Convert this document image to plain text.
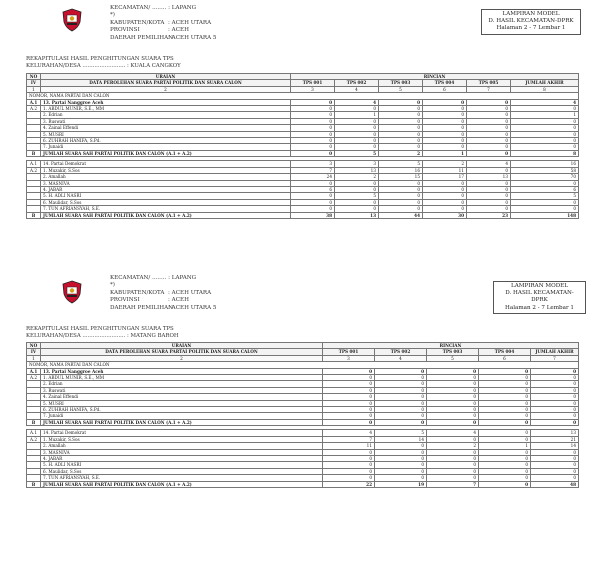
KECAMATAN/ ........ : LAPANG
*)
KABUPATEN/KOTA : ACEH UTARA
PROVINSI	: ACEH
DAERAH PEMILIHAN: ACEH UTARA 5
LAMPIRAN MODEL
D. HASIL KECAMATAN-DPRK
Halaman 2 - 7 Lembar 1
REKAPITULASI HASIL PENGHITUNGAN SUARA TPS
KELURAHAN/DESA ......................... : KUALA CANGKOY
NO	URAIAN	RINCIAN					
IV	DATA PEROLEHAN SUARA PARTAI POLITIK DAN SUARA CALON	TPS 001	TPS 002	TPS 003	TPS 004	TPS 005	JUMLAH AKHIR
1	2	3	4	5	6	7	8
NOMOR, NAMA PARTAI DAN CALON							
A.1	13. Partai Nanggroe Aceh	0	4	0	0	0	4
A.2	1. ABDUL MUNIR, S.E., MM	0	0	0	0	0	0
	2. Edrian	0	1	0	0	0	1
	3. Ruswati	0	0	0	0	0	0
	4. Zainal Effendi	0	0	0	0	0	0
	5. MUSRI	0	0	0	0	0	0
	6. ZUHRAH HANIFA, S.Pd.	0	0	0	0	0	0
	7. Junaidi	0	0	0	0	0	0
B	JUMLAH SUARA SAH PARTAI POLITIK DAN CALON (A.1 + A.2)	0	5	2	1	0	8

A.1	14. Partai Demokrat	3	3	5	2	4	16
A.2	1. Muzakir, S.Sos	7	13	16	11	0	58
	2. Amallah	24	2	15	17	13	70
	3. MASNIVA	0	0	0	0	0	0
	4. JABAR	6	0	0	0	0	6
	5. H. ADLI NASRI	0	5	0	0	0	5
	6. Maulidar, S.Sos	0	0	0	0	0	0
	7. TUN AFRIANSYAH, S.E.	0	0	0	0	0	0
B	JUMLAH SUARA SAH PARTAI POLITIK DAN CALON (A.1 + A.2)	38	13	44	30	23	148
KECAMATAN/ ........ : LAPANG
*)
KABUPATEN/KOTA : ACEH UTARA
PROVINSI	: ACEH
DAERAH PEMILIHAN: ACEH UTARA 5
LAMPIRAN MODEL
D. HASIL KECAMATAN-DPRK
Halaman 2 - 7 Lembar 1
REKAPITULASI HASIL PENGHITUNGAN SUARA TPS
KELURAHAN/DESA ......................... : MATANG BAROH
NO	URAIAN	RINCIAN				
IV	DATA PEROLEHAN SUARA PARTAI POLITIK DAN SUARA CALON	TPS 001	TPS 002	TPS 003	TPS 004	JUMLAH AKHIR
1	2	3	4	5	6	7
NOMOR, NAMA PARTAI DAN CALON						
A.1	13. Partai Nanggroe Aceh	0	0	0	0	0
A.2	1. ABDUL MUNIR, S.E., MM	0	0	0	0	0
	2. Edrian	0	0	0	0	0
	3. Ruswati	0	0	0	0	0
	4. Zainal Effendi	0	0	0	0	0
	5. MUSRI	0	0	0	0	0
	6. ZUHRAH HANIFA, S.Pd.	0	0	0	0	0
	7. Junaidi	0	0	0	0	0
B	JUMLAH SUARA SAH PARTAI POLITIK DAN CALON (A.1 + A.2)	0	0	0	0	0

A.1	14. Partai Demokrat	4	5	4	0	13
A.2	1. Muzakir, S.Sos	7	14	0	0	21
	2. Amallah	11	0	2	1	14
	3. MASNIVA	0	0	0	0	0
	4. JABAR	0	0	0	0	0
	5. H. ADLI NASRI	0	0	0	0	0
	6. Maulidar, S.Sos	0	0	0	0	0
	7. TUN AFRIANSYAH, S.E.	0	0	0	0	0
B	JUMLAH SUARA SAH PARTAI POLITIK DAN CALON (A.1 + A.2)	22	19	7	0	48
